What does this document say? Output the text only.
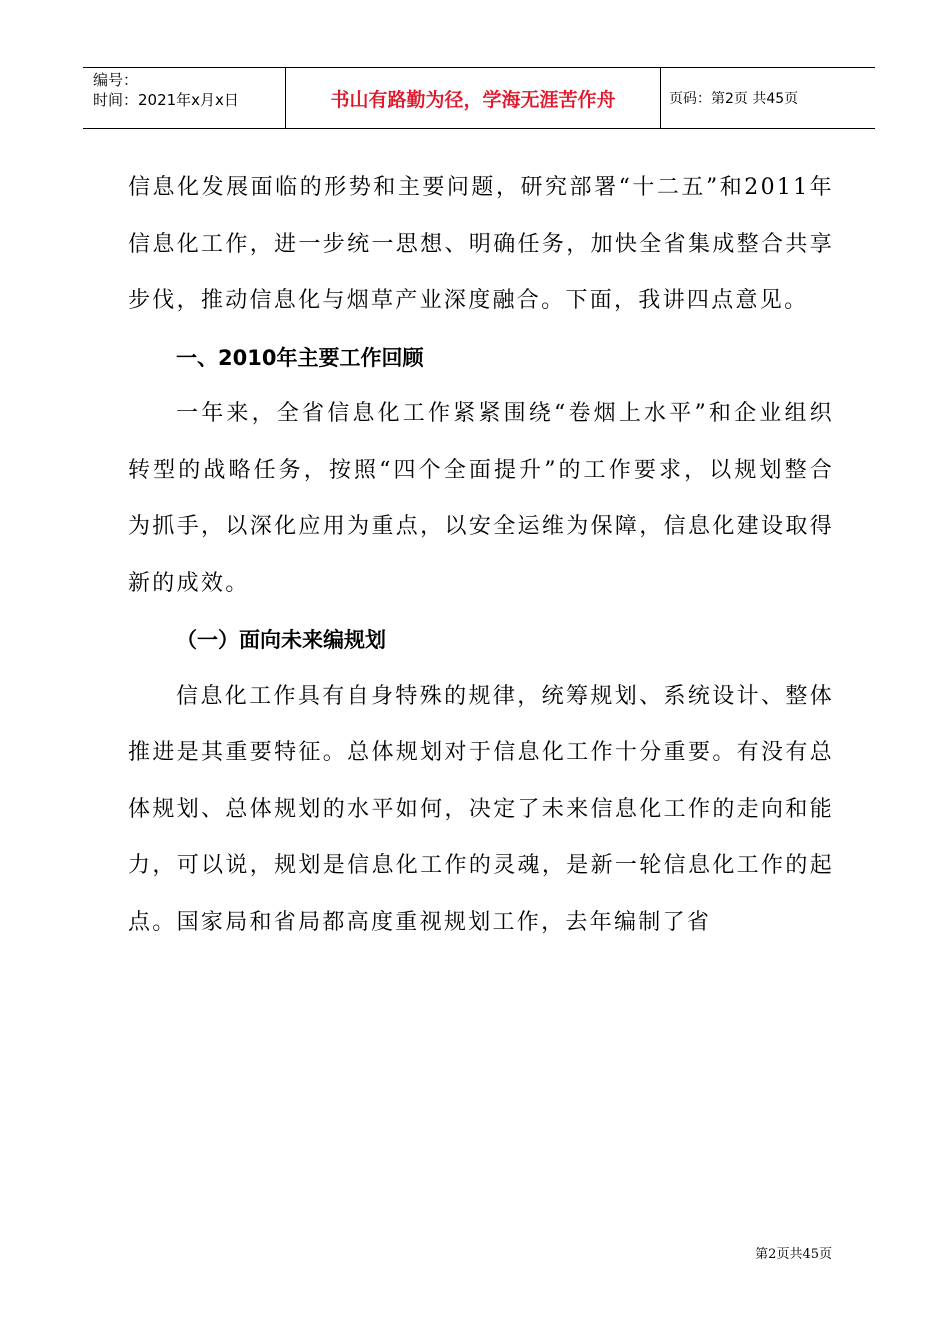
编号：
时间：2021年x月x日	书山有路勤为径，学海无涯苦作舟	页码：第2页 共45页

信息化发展面临的形势和主要问题，研究部署“十二五”和2011年信息化工作，进一步统一思想、明确任务，加快全省集成整合共享步伐，推动信息化与烟草产业深度融合。下面，我讲四点意见。

一、2010年主要工作回顾

一年来，全省信息化工作紧紧围绕“卷烟上水平”和企业组织转型的战略任务，按照“四个全面提升”的工作要求，以规划整合为抓手，以深化应用为重点，以安全运维为保障，信息化建设取得新的成效。

（一）面向未来编规划

信息化工作具有自身特殊的规律，统筹规划、系统设计、整体推进是其重要特征。总体规划对于信息化工作十分重要。有没有总体规划、总体规划的水平如何，决定了未来信息化工作的走向和能力，可以说，规划是信息化工作的灵魂，是新一轮信息化工作的起点。国家局和省局都高度重视规划工作，去年编制了省

第2页共45页
